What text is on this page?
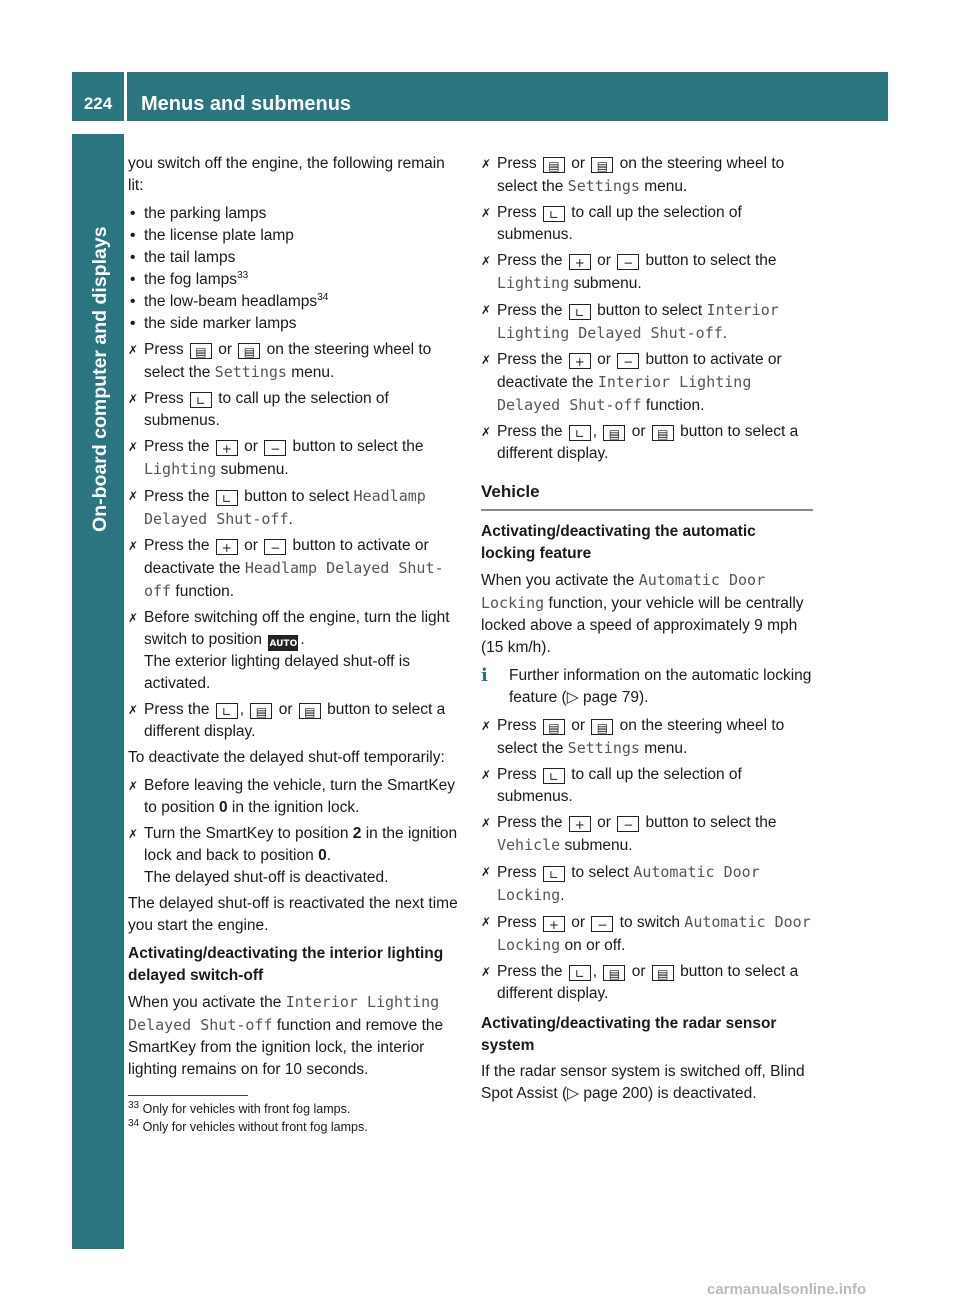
224	Menus and submenus
On-board computer and displays

you switch off the engine, the following remain lit:

• the parking lamps
• the license plate lamp
• the tail lamps
• the fog lamps$^{33}$
• the low-beam headlamps$^{34}$
• the side marker lamps
✗ Press ▤ or ▤ on the steering wheel to select the Settings menu.
✗ Press ∟ to call up the selection of submenus.
✗ Press the + or − button to select the Lighting submenu.
✗ Press the ∟ button to select Headlamp Delayed Shut-off.
✗ Press the + or − button to activate or deactivate the Headlamp Delayed Shut-off function.
✗ Before switching off the engine, turn the light switch to position AUTO .
The exterior lighting delayed shut-off is activated.
✗ Press the ∟ , ▤ or ▤ button to select a different display.

To deactivate the delayed shut-off temporarily:

✗ Before leaving the vehicle, turn the SmartKey to position 0 in the ignition lock.
✗ Turn the SmartKey to position 2 in the ignition lock and back to position 0.
The delayed shut-off is deactivated.

The delayed shut-off is reactivated the next time you start the engine.

Activating/deactivating the interior lighting delayed switch-off

When you activate the Interior Lighting Delayed Shut-off function and remove the SmartKey from the ignition lock, the interior lighting remains on for 10 seconds.

$^{33}$ Only for vehicles with front fog lamps.

$^{34}$ Only for vehicles without front fog lamps.

✗ Press ▤ or ▤ on the steering wheel to select the Settings menu.
✗ Press ∟ to call up the selection of submenus.
✗ Press the + or − button to select the Lighting submenu.
✗ Press the ∟ button to select Interior Lighting Delayed Shut-off.
✗ Press the + or − button to activate or deactivate the Interior Lighting Delayed Shut-off function.
✗ Press the ∟ , ▤ or ▤ button to select a different display.
Vehicle
Activating/deactivating the automatic locking feature

When you activate the Automatic Door Locking function, your vehicle will be centrally locked above a speed of approximately 9 mph (15 km/h).

i Further information on the automatic locking feature (▷ page 79).
✗ Press ▤ or ▤ on the steering wheel to select the Settings menu.
✗ Press ∟ to call up the selection of submenus.
✗ Press the + or − button to select the Vehicle submenu.
✗ Press ∟ to select Automatic Door Locking.
✗ Press + or − to switch Automatic Door Locking on or off.
✗ Press the ∟ , ▤ or ▤ button to select a different display.
Activating/deactivating the radar sensor system

If the radar sensor system is switched off, Blind Spot Assist (▷ page 200) is deactivated.

carmanualsonline.info
